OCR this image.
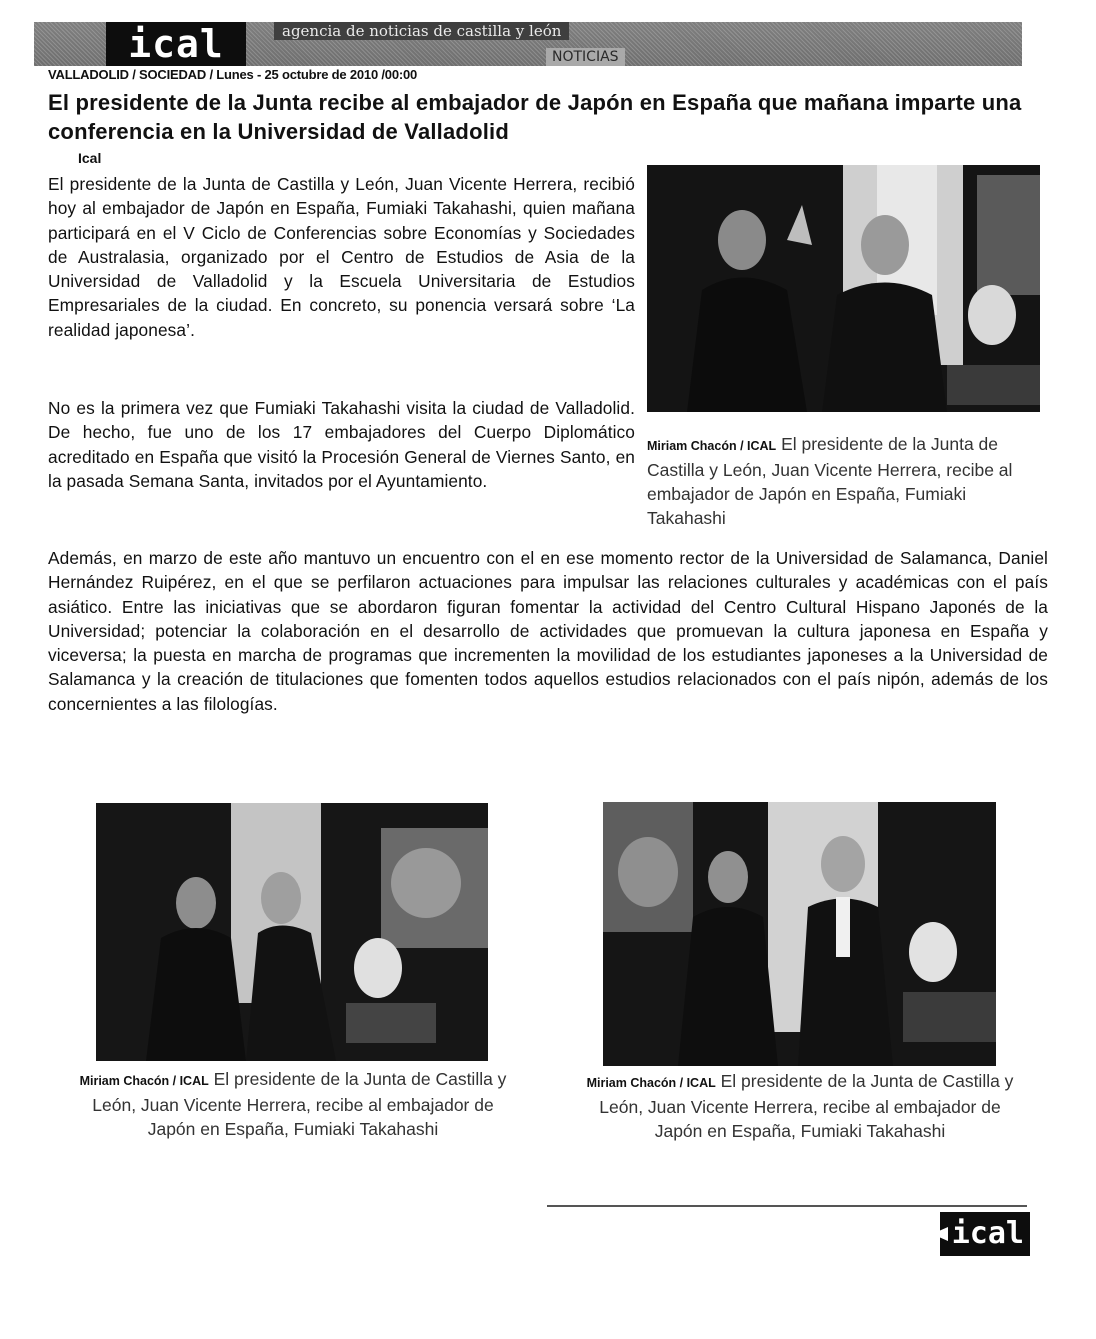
ical	agencia de noticias de castilla y león
NOTICIAS
VALLADOLID / SOCIEDAD / Lunes - 25 octubre de 2010 /00:00
El presidente de la Junta recibe al embajador de Japón en España que mañana imparte una conferencia en la Universidad de Valladolid
Ical

El presidente de la Junta de Castilla y León, Juan Vicente Herrera, recibió hoy al embajador de Japón en España, Fumiaki Takahashi, quien mañana participará en el V Ciclo de Conferencias sobre Economías y Sociedades de Australasia, organizado por el Centro de Estudios de Asia de la Universidad de Valladolid y la Escuela Universitaria de Estudios Empresariales de la ciudad. En concreto, su ponencia versará sobre ‘La realidad japonesa’.

No es la primera vez que Fumiaki Takahashi visita la ciudad de Valladolid. De hecho, fue uno de los 17 embajadores del Cuerpo Diplomático acreditado en España que visitó la Procesión General de Viernes Santo, en la pasada Semana Santa, invitados por el Ayuntamiento.

Además, en marzo de este año mantuvo un encuentro con el en ese momento rector de la Universidad de Salamanca, Daniel Hernández Ruipérez, en el que se perfilaron actuaciones para impulsar las relaciones culturales y académicas con el país asiático. Entre las iniciativas que se abordaron figuran fomentar la actividad del Centro Cultural Hispano Japonés de la Universidad; potenciar la colaboración en el desarrollo de actividades que promuevan la cultura japonesa en España y viceversa; la puesta en marcha de programas que incrementen la movilidad de los estudiantes japoneses a la Universidad de Salamanca y la creación de titulaciones que fomenten todos aquellos estudios relacionados con el país nipón, además de los concernientes a las filologías.

Miriam Chacón / ICAL El presidente de la Junta de Castilla y León, Juan Vicente Herrera, recibe al embajador de Japón en España, Fumiaki Takahashi
Miriam Chacón / ICAL El presidente de la Junta de Castilla y León, Juan Vicente Herrera, recibe al embajador de Japón en España, Fumiaki Takahashi
Miriam Chacón / ICAL El presidente de la Junta de Castilla y León, Juan Vicente Herrera, recibe al embajador de Japón en España, Fumiaki Takahashi
ical
